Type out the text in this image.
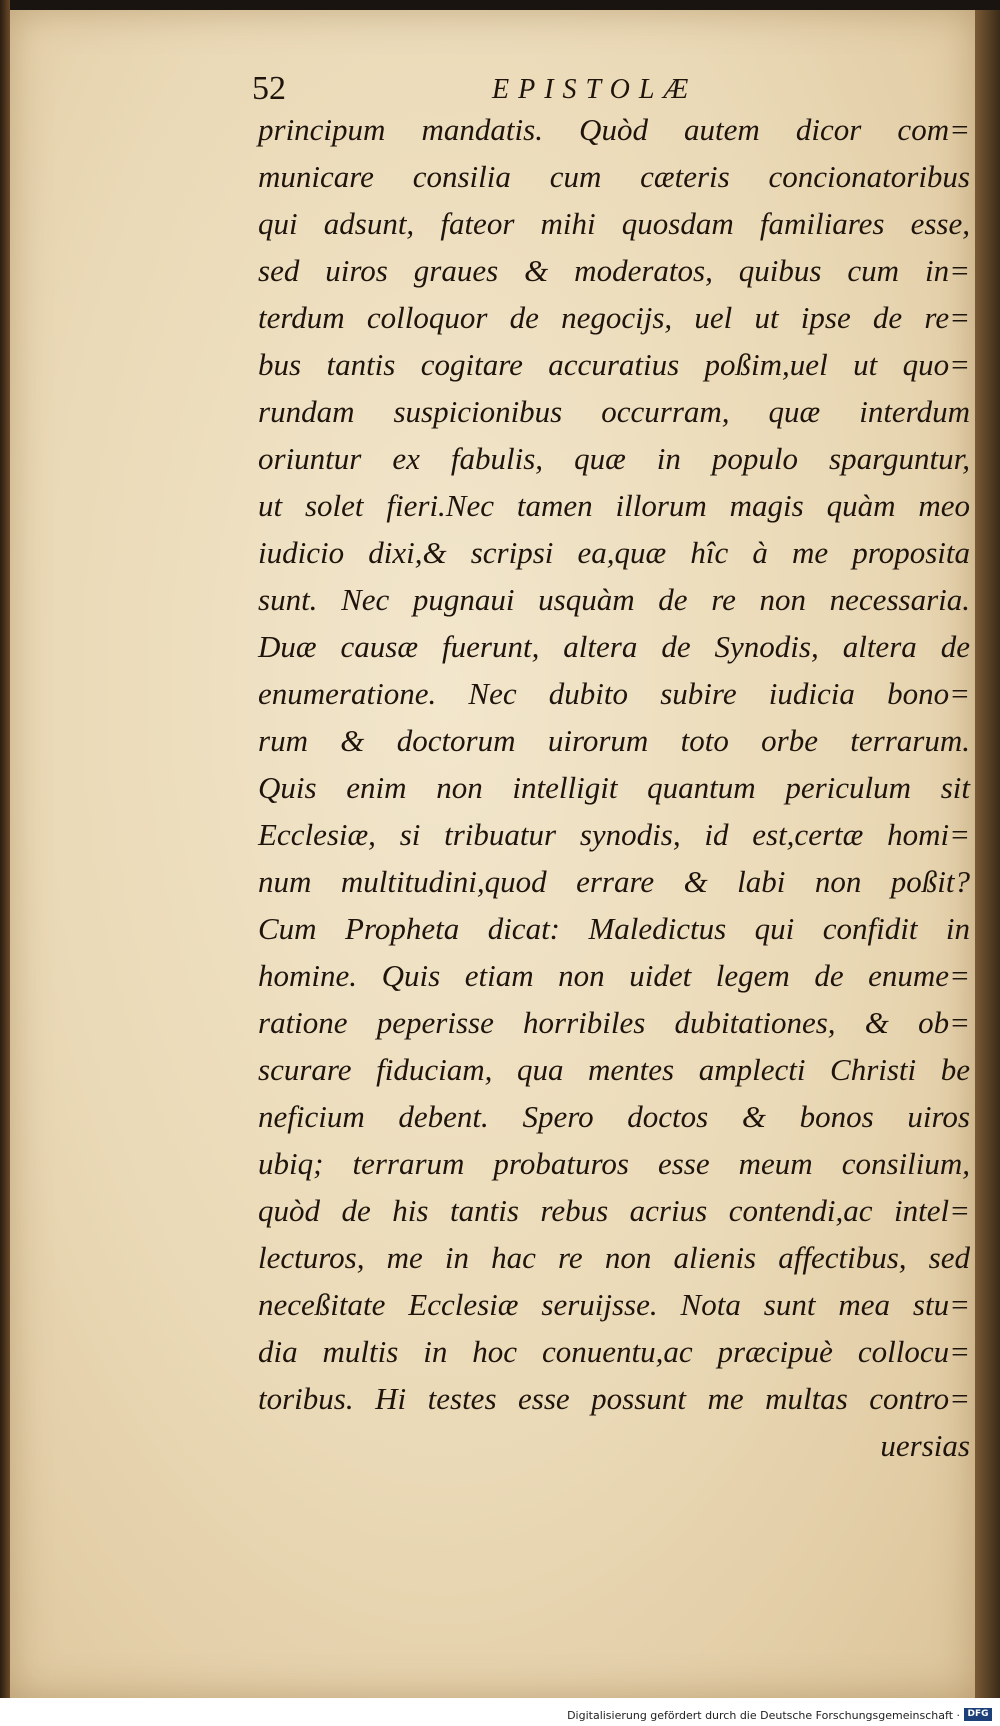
52	EPISTOLÆ
principum mandatis. Quòd autem dicor com=
municare consilia cum cæteris concionatoribus
qui adsunt, fateor mihi quosdam familiares esse,
sed uiros graues & moderatos, quibus cum in=
terdum colloquor de negocijs, uel ut ipse de re=
bus tantis cogitare accuratius poßim,uel ut quo=
rundam suspicionibus occurram, quæ interdum
oriuntur ex fabulis, quæ in populo sparguntur,
ut solet fieri.Nec tamen illorum magis quàm meo
iudicio dixi,& scripsi ea,quæ hîc à me proposita
sunt. Nec pugnaui usquàm de re non necessaria.
Duæ causæ fuerunt, altera de Synodis, altera de
enumeratione. Nec dubito subire iudicia bono=
rum & doctorum uirorum toto orbe terrarum.
Quis enim non intelligit quantum periculum sit
Ecclesiæ, si tribuatur synodis, id est,certæ homi=
num multitudini,quod errare & labi non poßit?
Cum Propheta dicat: Maledictus qui confidit in
homine. Quis etiam non uidet legem de enume=
ratione peperisse horribiles dubitationes, & ob=
scurare fiduciam, qua mentes amplecti Christi be
neficium debent. Spero doctos & bonos uiros
ubiq; terrarum probaturos esse meum consilium,
quòd de his tantis rebus acrius contendi,ac intel=
lecturos, me in hac re non alienis affectibus, sed
neceßitate Ecclesiæ seruijsse. Nota sunt mea stu=
dia multis in hoc conuentu,ac præcipuè collocu=
toribus. Hi testes esse possunt me multas contro=
uersias
Digitalisierung gefördert durch die Deutsche Forschungsgemeinschaft · DFG
